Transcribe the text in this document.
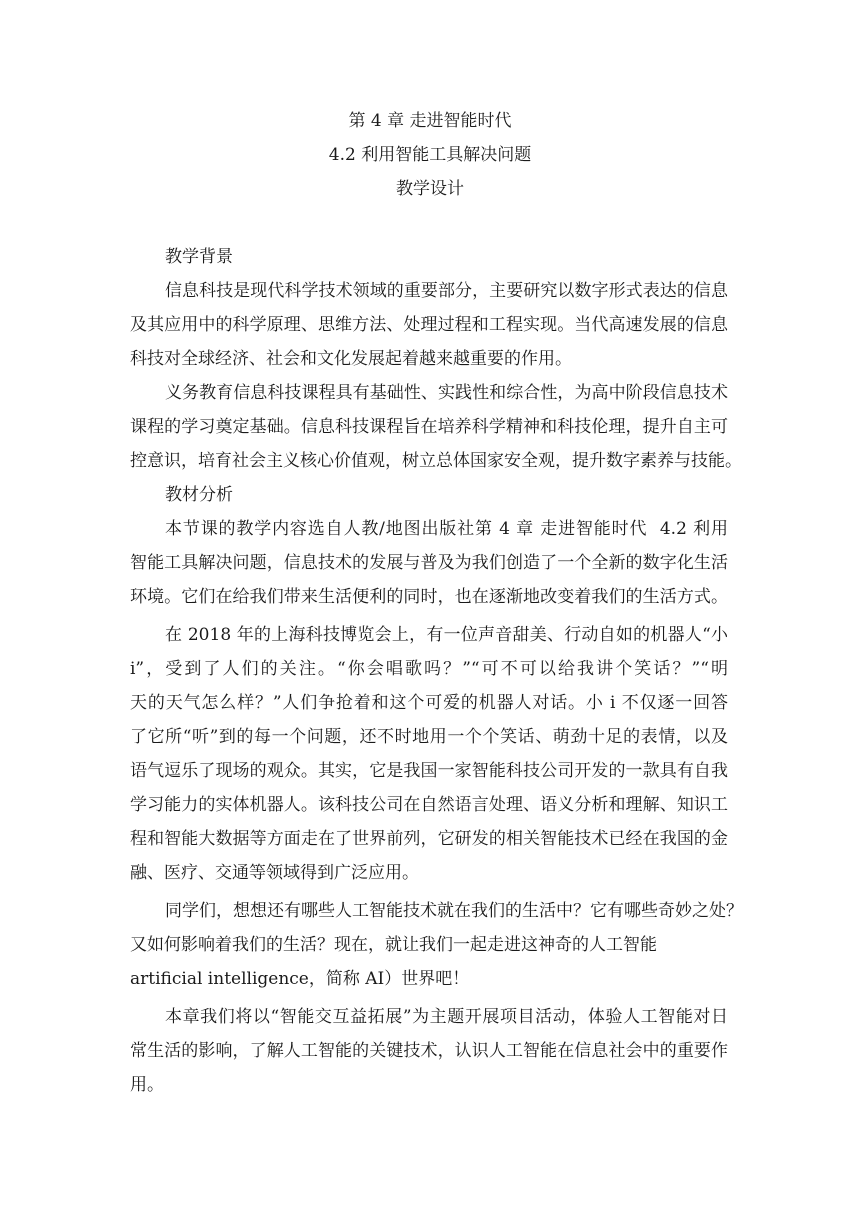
第 4 章 走进智能时代
4.2 利用智能工具解决问题
教学设计
教学背景
信息科技是现代科学技术领域的重要部分，主要研究以数字形式表达的信息
及其应用中的科学原理、思维方法、处理过程和工程实现。当代高速发展的信息
科技对全球经济、社会和文化发展起着越来越重要的作用。
义务教育信息科技课程具有基础性、实践性和综合性，为高中阶段信息技术
课程的学习奠定基础。信息科技课程旨在培养科学精神和科技伦理，提升自主可
控意识，培育社会主义核心价值观，树立总体国家安全观，提升数字素养与技能。
教材分析
本节课的教学内容选自人教/地图出版社第 4 章 走进智能时代  4.2 利用
智能工具解决问题，信息技术的发展与普及为我们创造了一个全新的数字化生活
环境。它们在给我们带来生活便利的同时，也在逐渐地改变着我们的生活方式。
在 2018 年的上海科技博览会上，有一位声音甜美、行动自如的机器人“小
i”，受到了人们的关注。“你会唱歌吗？”“可不可以给我讲个笑话？”“明
天的天气怎么样？”人们争抢着和这个可爱的机器人对话。小 i 不仅逐一回答
了它所“听”到的每一个问题，还不时地用一个个笑话、萌劲十足的表情，以及
语气逗乐了现场的观众。其实，它是我国一家智能科技公司开发的一款具有自我
学习能力的实体机器人。该科技公司在自然语言处理、语义分析和理解、知识工
程和智能大数据等方面走在了世界前列，它研发的相关智能技术已经在我国的金
融、医疗、交通等领域得到广泛应用。
同学们，想想还有哪些人工智能技术就在我们的生活中？它有哪些奇妙之处？
又如何影响着我们的生活？现在，就让我们一起走进这神奇的人工智能
artificial intelligence，简称 AI）世界吧！
本章我们将以“智能交互益拓展”为主题开展项目活动，体验人工智能对日
常生活的影响，了解人工智能的关键技术，认识人工智能在信息社会中的重要作
用。
